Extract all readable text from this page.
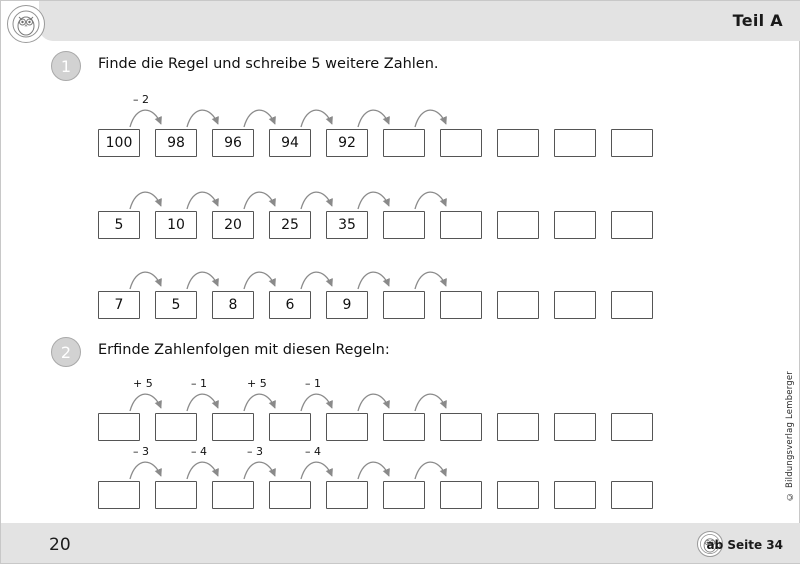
Teil A
© Bildungsverlag Lemberger
1	Finde die Regel und schreibe 5 weitere Zahlen.
2	Erfinde Zahlenfolgen mit diesen Regeln:
– 2
100	98	96	94	92
5	10	20	25	35
7	5	8	6	9
+ 5	– 1	+ 5	– 1
– 3	– 4	– 3	– 4
20	ab Seite 34
